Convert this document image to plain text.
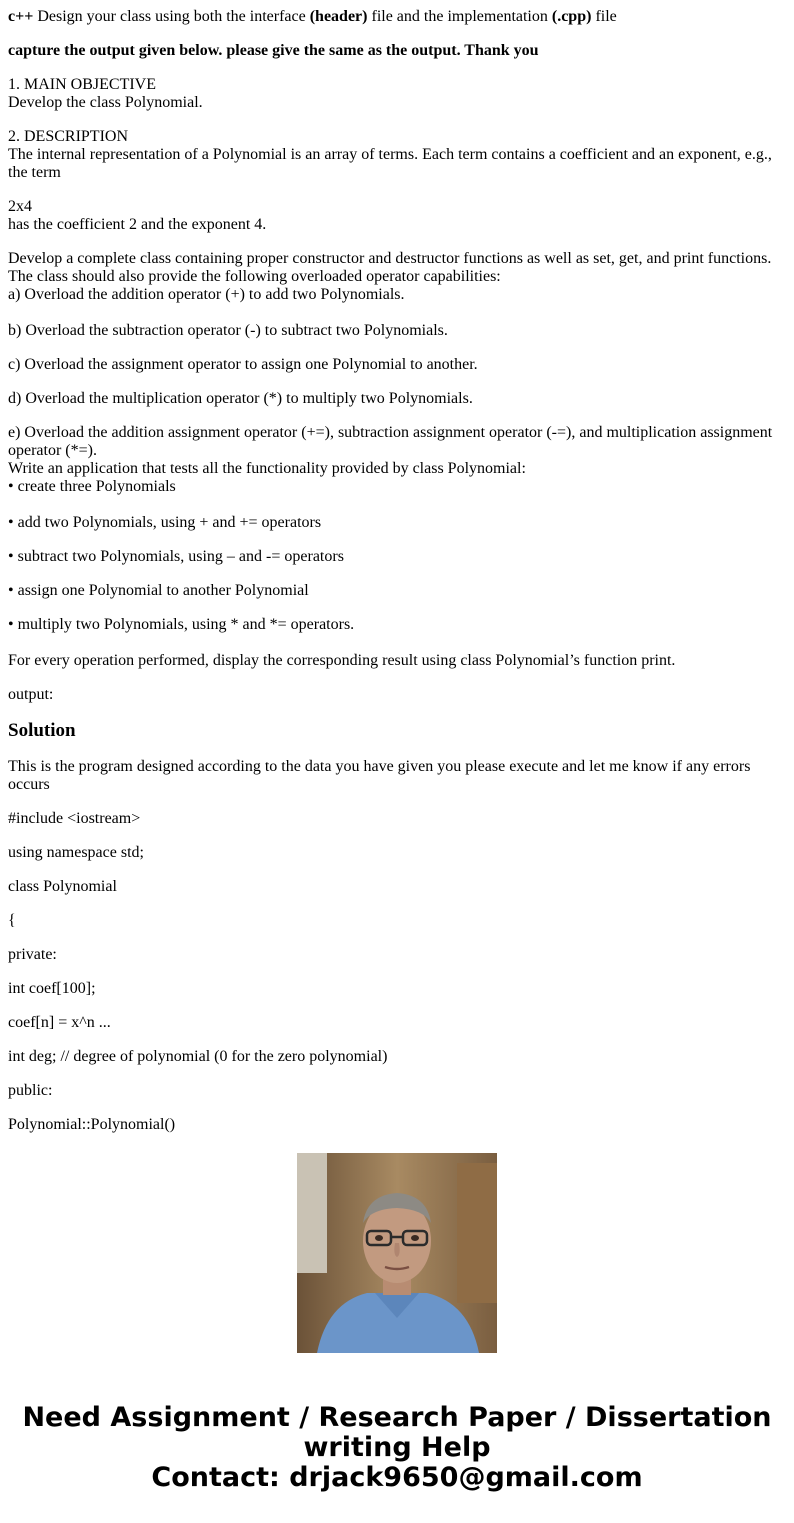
c++ Design your class using both the interface (header) file and the implementation (.cpp) file

capture the output given below. please give the same as the output. Thank you

1. MAIN OBJECTIVE
Develop the class Polynomial.

2. DESCRIPTION
The internal representation of a Polynomial is an array of terms. Each term contains a coefficient and an exponent, e.g., the term

2x4
has the coefficient 2 and the exponent 4.

Develop a complete class containing proper constructor and destructor functions as well as set, get, and print functions.
The class should also provide the following overloaded operator capabilities:
a) Overload the addition operator (+) to add two Polynomials.

b) Overload the subtraction operator (-) to subtract two Polynomials.

c) Overload the assignment operator to assign one Polynomial to another.

d) Overload the multiplication operator (*) to multiply two Polynomials.

e) Overload the addition assignment operator (+=), subtraction assignment operator (-=), and multiplication assignment operator (*=).
Write an application that tests all the functionality provided by class Polynomial:
• create three Polynomials

• add two Polynomials, using + and += operators

• subtract two Polynomials, using – and -= operators

• assign one Polynomial to another Polynomial

• multiply two Polynomials, using * and *= operators.

For every operation performed, display the corresponding result using class Polynomial’s function print.

output:

Solution

This is the program designed according to the data you have given you please execute and let me know if any errors occurs

#include <iostream>

using namespace std;

class Polynomial

{

private:

int coef[100];

coef[n] = x^n ...

int deg; // degree of polynomial (0 for the zero polynomial)

public:

Polynomial::Polynomial()

Need Assignment / Research Paper / Dissertation
writing Help
Contact: drjack9650@gmail.com
